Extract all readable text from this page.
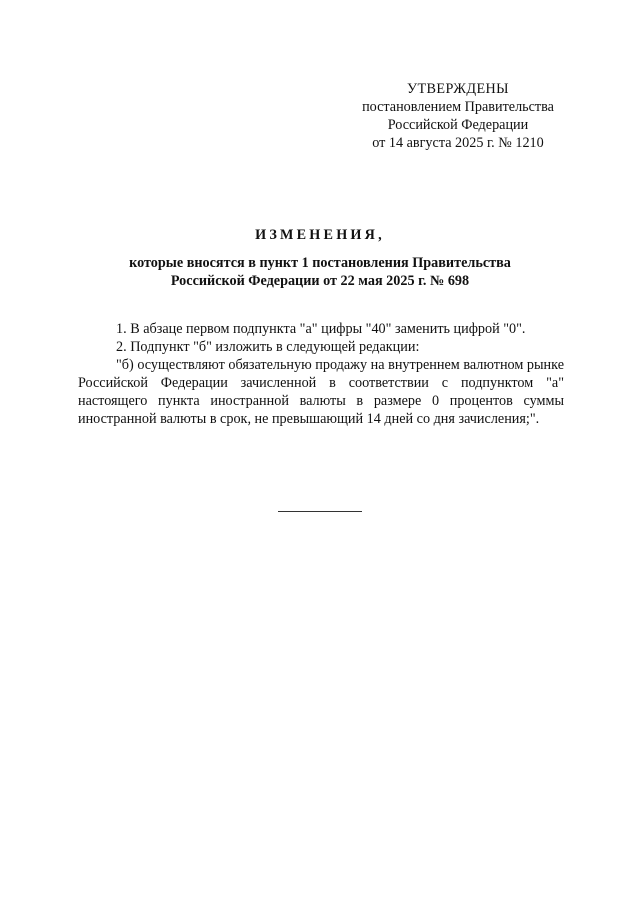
УТВЕРЖДЕНЫ
постановлением Правительства
Российской Федерации
от 14 августа 2025 г. № 1210
ИЗМЕНЕНИЯ,
которые вносятся в пункт 1 постановления Правительства
Российской Федерации от 22 мая 2025 г. № 698

1. В абзаце первом подпункта "а" цифры "40" заменить цифрой "0".

2. Подпункт "б" изложить в следующей редакции:

"б) осуществляют обязательную продажу на внутреннем валютном рынке Российской Федерации зачисленной в соответствии с подпунктом "а" настоящего пункта иностранной валюты в размере 0 процентов суммы иностранной валюты в срок, не превышающий 14 дней со дня зачисления;".
